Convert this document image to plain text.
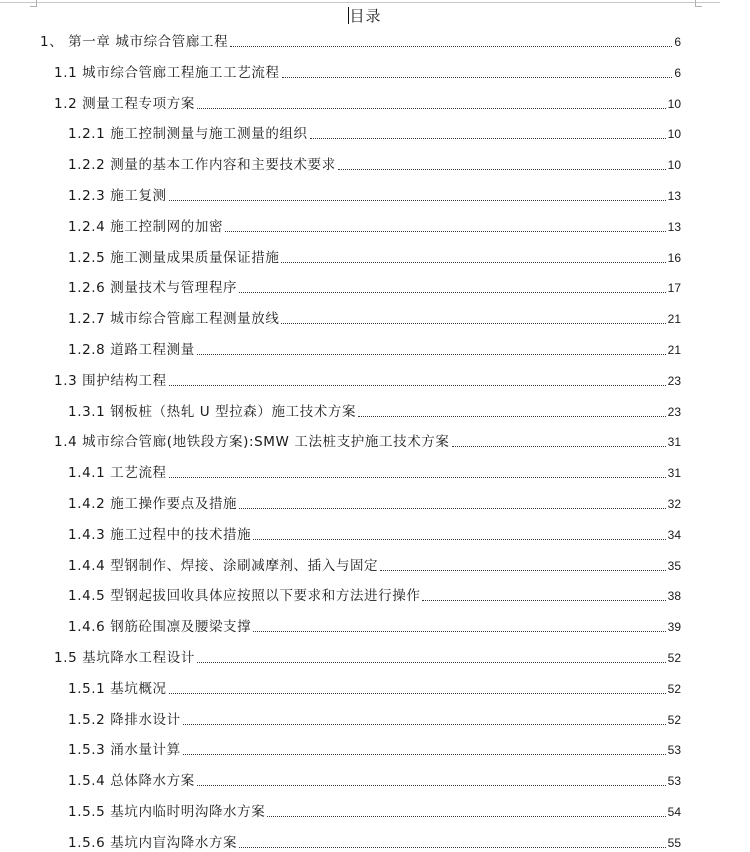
目录
1、 第一章 城市综合管廊工程	6
1.1 城市综合管廊工程施工工艺流程	6
1.2 测量工程专项方案	10
1.2.1 施工控制测量与施工测量的组织	10
1.2.2 测量的基本工作内容和主要技术要求	10
1.2.3 施工复测	13
1.2.4 施工控制网的加密	13
1.2.5 施工测量成果质量保证措施	16
1.2.6 测量技术与管理程序	17
1.2.7 城市综合管廊工程测量放线	21
1.2.8 道路工程测量	21
1.3 围护结构工程	23
1.3.1 钢板桩（热轧 U 型拉森）施工技术方案	23
1.4 城市综合管廊(地铁段方案):SMW 工法桩支护施工技术方案	31
1.4.1 工艺流程	31
1.4.2 施工操作要点及措施	32
1.4.3 施工过程中的技术措施	34
1.4.4 型钢制作、焊接、涂刷减摩剂、插入与固定	35
1.4.5 型钢起拔回收具体应按照以下要求和方法进行操作	38
1.4.6 钢筋砼围凛及腰梁支撑	39
1.5 基坑降水工程设计	52
1.5.1 基坑概况	52
1.5.2 降排水设计	52
1.5.3 涌水量计算	53
1.5.4 总体降水方案	53
1.5.5 基坑内临时明沟降水方案	54
1.5.6 基坑内盲沟降水方案	55
